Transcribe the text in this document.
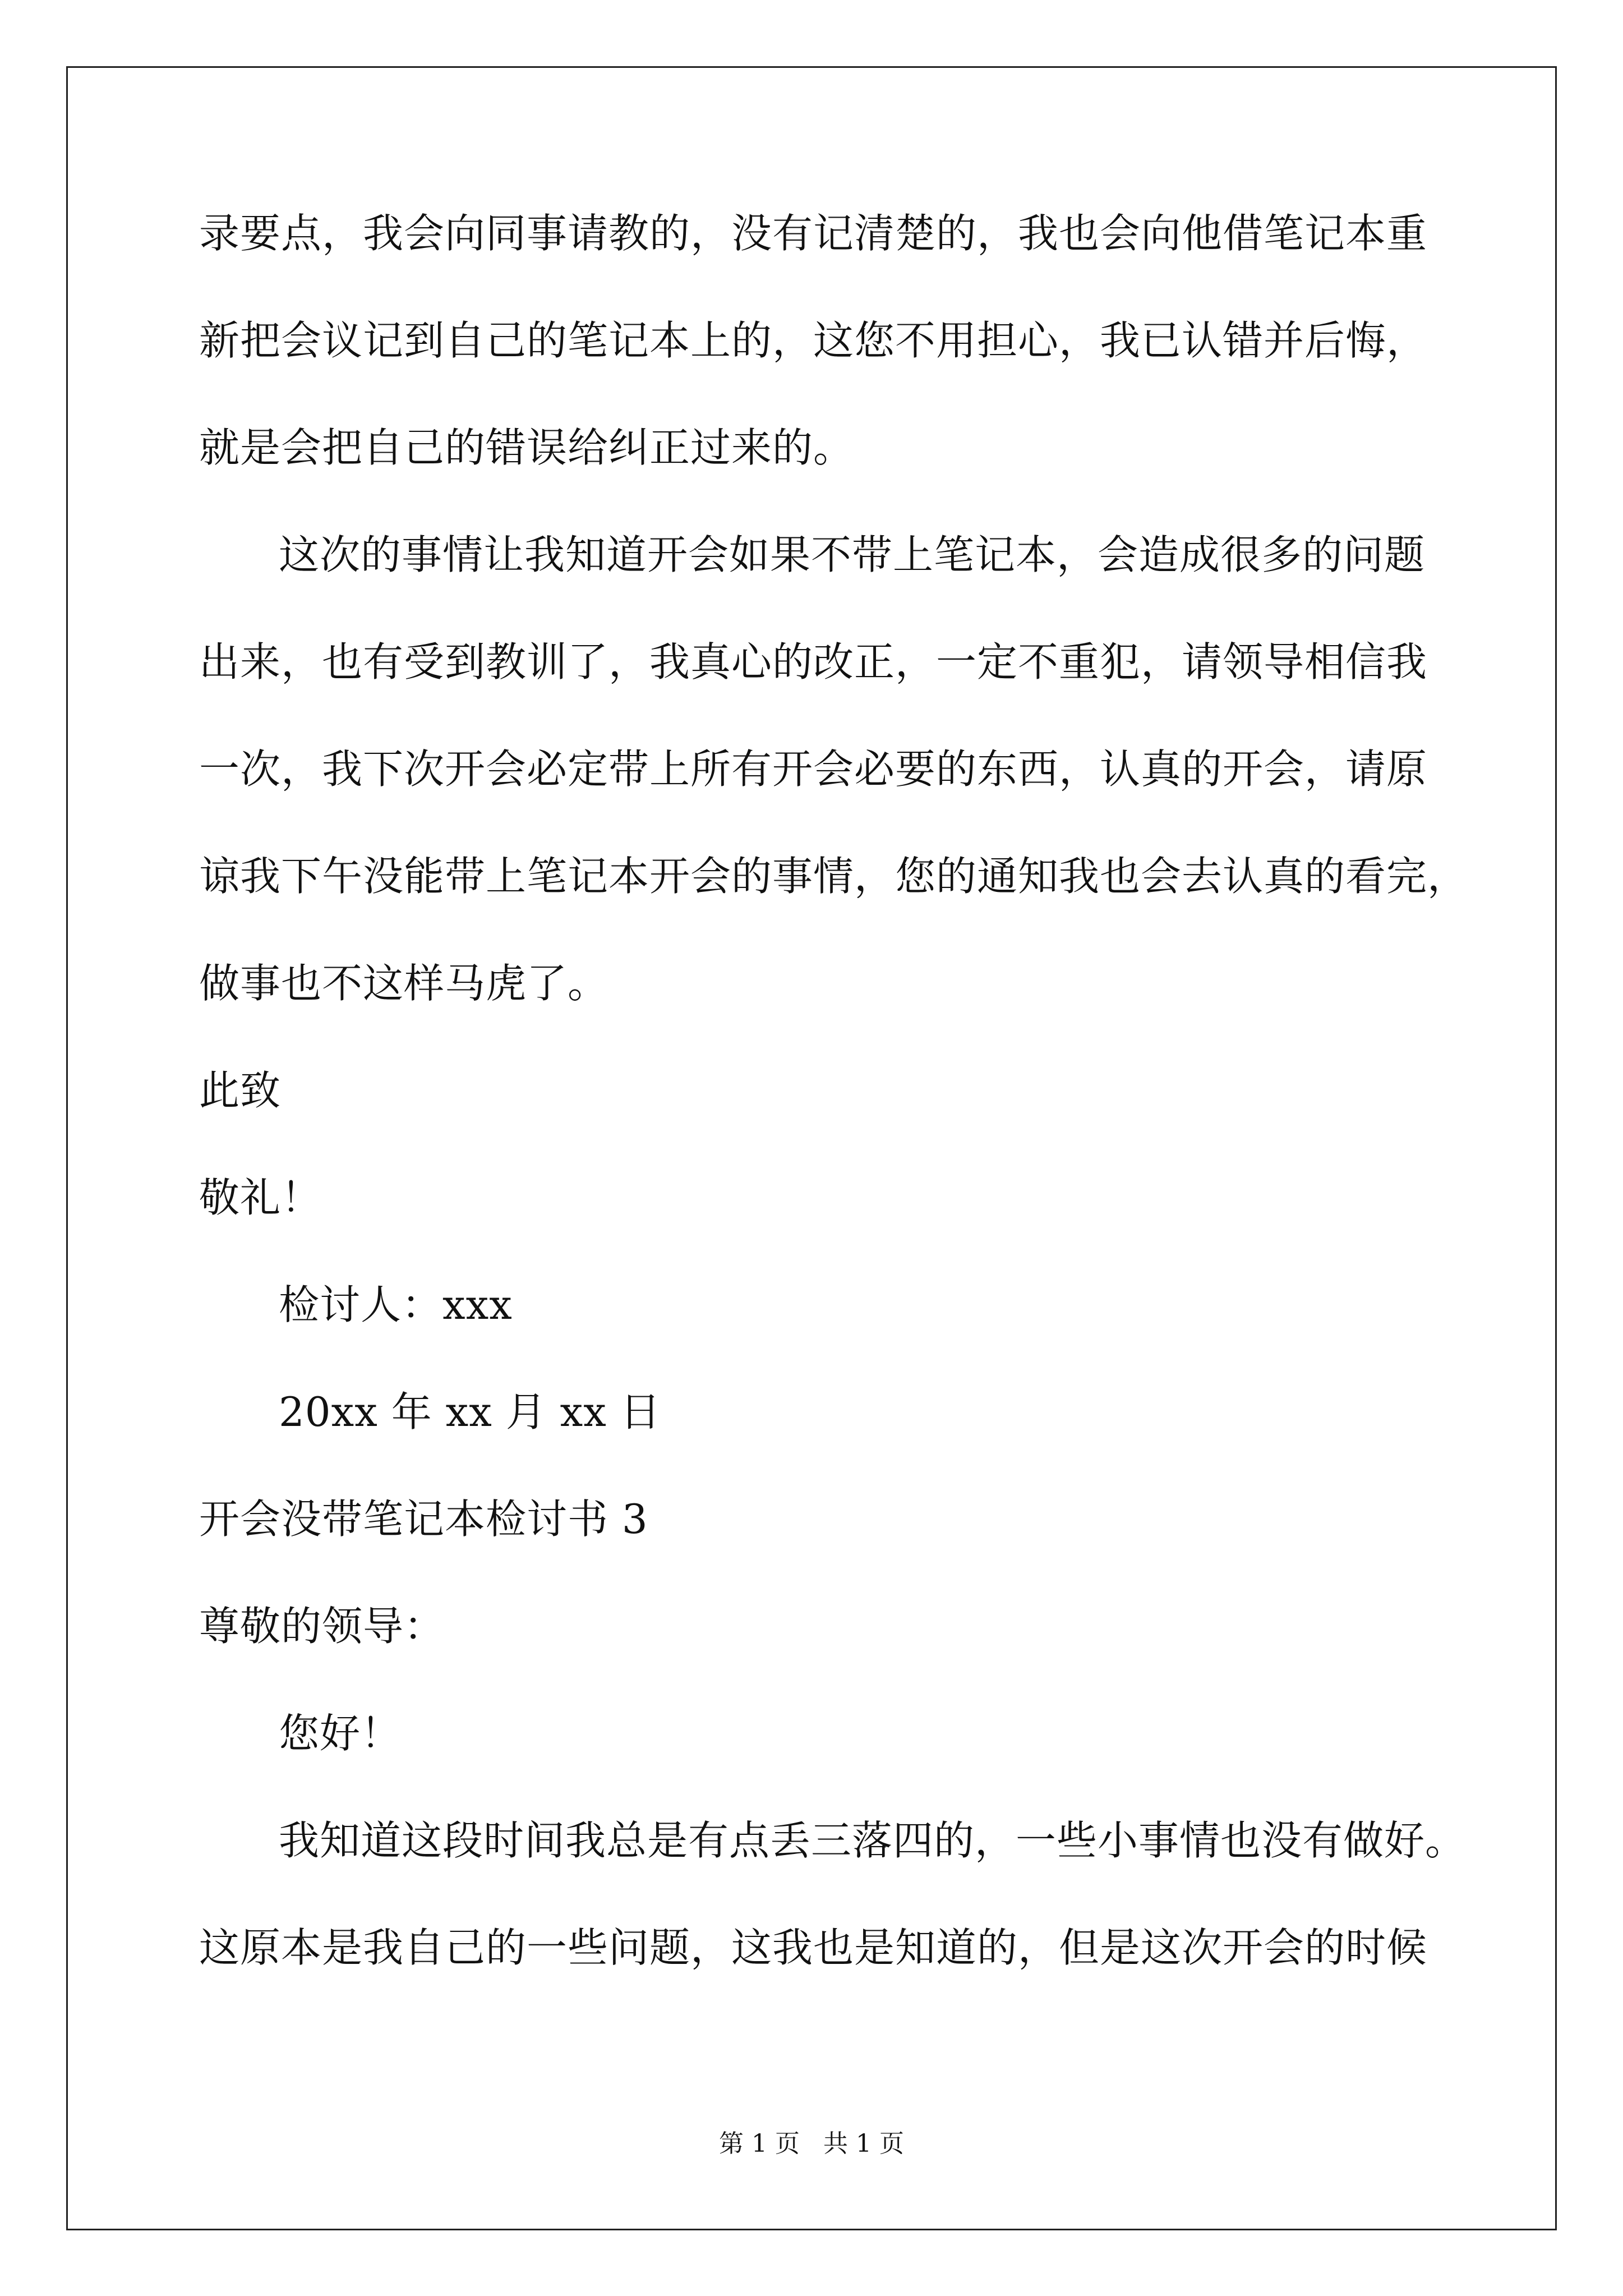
录要点，我会向同事请教的，没有记清楚的，我也会向他借笔记本重

新把会议记到自己的笔记本上的，这您不用担心，我已认错并后悔，

就是会把自己的错误给纠正过来的。

这次的事情让我知道开会如果不带上笔记本，会造成很多的问题

出来，也有受到教训了，我真心的改正，一定不重犯，请领导相信我

一次，我下次开会必定带上所有开会必要的东西，认真的开会，请原

谅我下午没能带上笔记本开会的事情，您的通知我也会去认真的看完，

做事也不这样马虎了。

此致

敬礼！

检讨人：xxx

20xx 年 xx 月 xx 日

开会没带笔记本检讨书 3

尊敬的领导：

您好！

我知道这段时间我总是有点丢三落四的，一些小事情也没有做好。

这原本是我自己的一些问题，这我也是知道的，但是这次开会的时候

第 1 页   共 1 页
